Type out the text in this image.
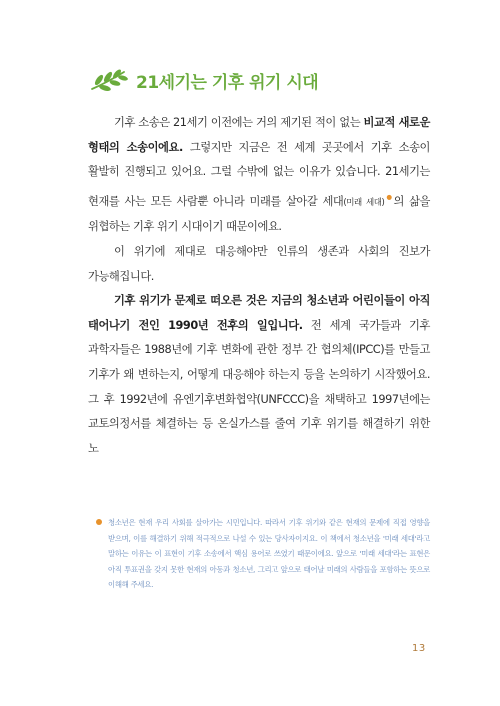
21세기는 기후 위기 시대

기후 소송은 21세기 이전에는 거의 제기된 적이 없는 비교적 새로운 형태의 소송이에요. 그렇지만 지금은 전 세계 곳곳에서 기후 소송이 활발히 진행되고 있어요. 그럴 수밖에 없는 이유가 있습니다. 21세기는 현재를 사는 모든 사람뿐 아니라 미래를 살아갈 세대(미래 세대)●의 삶을 위협하는 기후 위기 시대이기 때문이에요.

이 위기에 제대로 대응해야만 인류의 생존과 사회의 진보가 가능해집니다.

기후 위기가 문제로 떠오른 것은 지금의 청소년과 어린이들이 아직 태어나기 전인 1990년 전후의 일입니다. 전 세계 국가들과 기후 과학자들은 1988년에 기후 변화에 관한 정부 간 협의체(IPCC)를 만들고 기후가 왜 변하는지, 어떻게 대응해야 하는지 등을 논의하기 시작했어요. 그 후 1992년에 유엔기후변화협약(UNFCCC)을 채택하고 1997년에는 교토의정서를 체결하는 등 온실가스를 줄여 기후 위기를 해결하기 위한 노

청소년은 현재 우리 사회를 살아가는 시민입니다. 따라서 기후 위기와 같은 현재의 문제에 직접 영향을 받으며, 이를 해결하기 위해 적극적으로 나설 수 있는 당사자이지요. 이 책에서 청소년을 '미래 세대'라고 말하는 이유는 이 표현이 기후 소송에서 핵심 용어로 쓰였기 때문이에요. 앞으로 '미래 세대'라는 표현은 아직 투표권을 갖지 못한 현재의 아동과 청소년, 그리고 앞으로 태어날 미래의 사람들을 포함하는 뜻으로 이해해 주세요.
13
